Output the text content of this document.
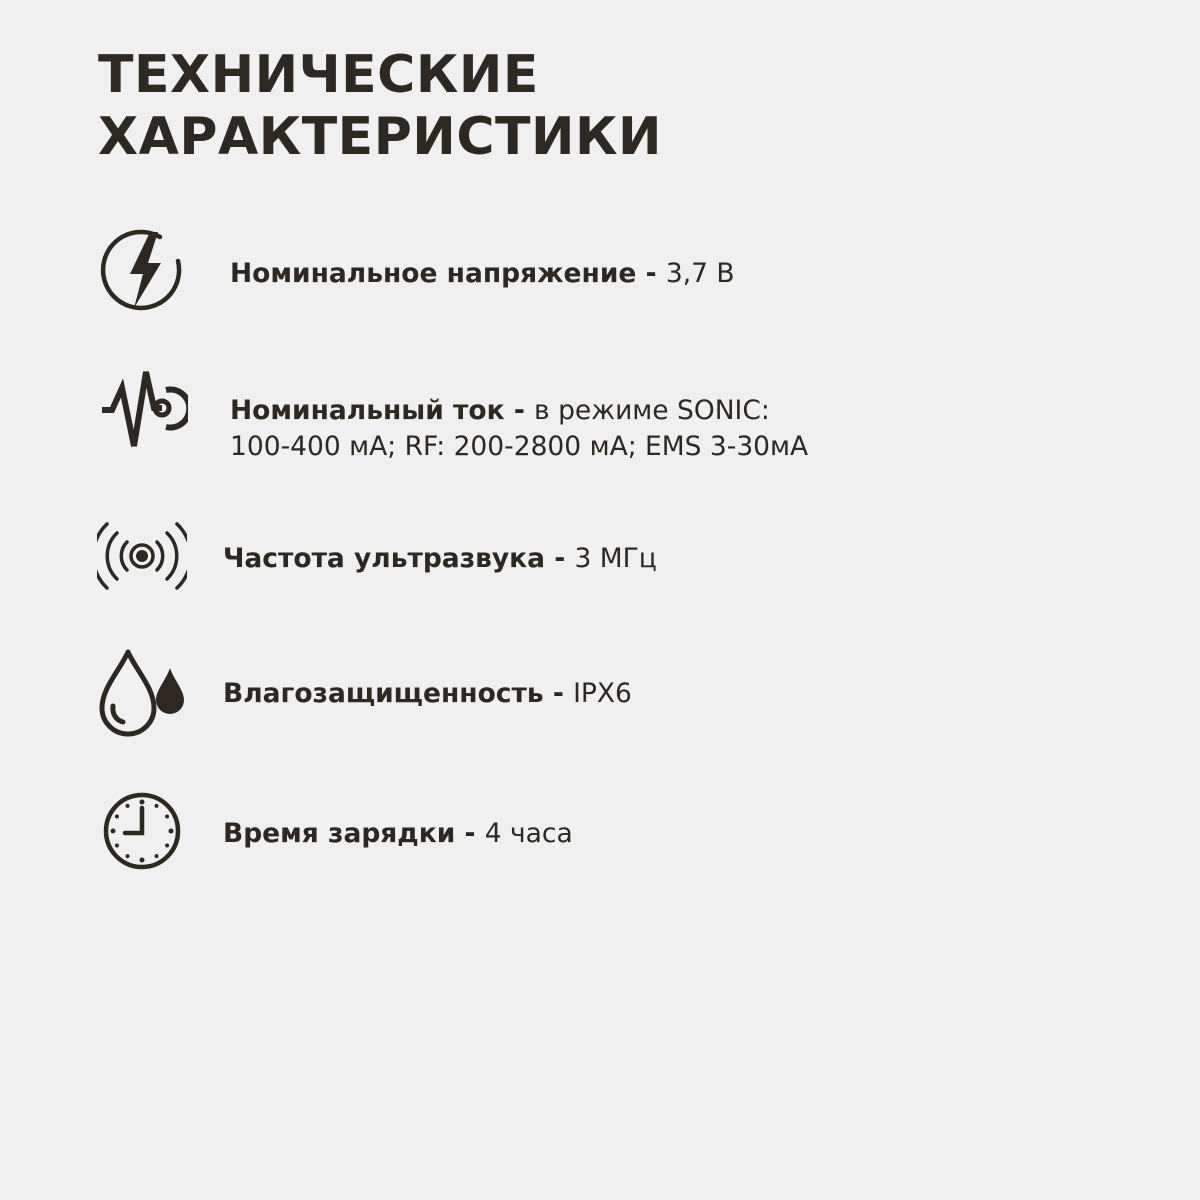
ТЕХНИЧЕСКИЕ
ХАРАКТЕРИСТИКИ
Номинальное напряжение - 3,7 В
Номинальный ток - в режиме SONIC:
100-400 мА; RF: 200-2800 мА; EMS 3-30мА
Частота ультразвука - 3 МГц
Влагозащищенность - IPX6
Время зарядки - 4 часа
